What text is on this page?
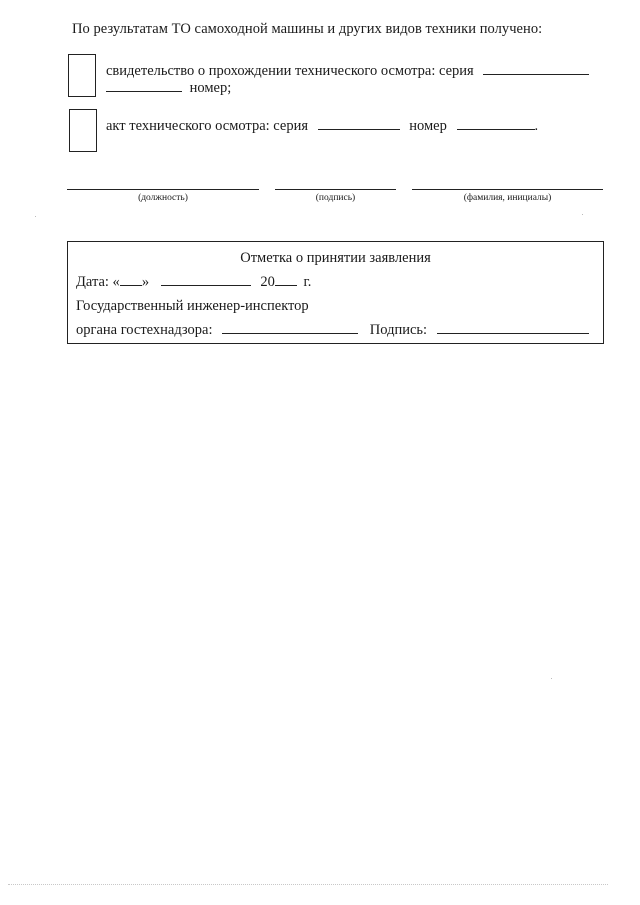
По результатам ТО самоходной машины и других видов техники получено:
свидетельство о прохождении технического осмотра: серия
номер;
акт технического осмотра: серия	номер	.
(должность)	(подпись)	(фамилия, инициалы)
Отметка о принятии заявления
Дата: « »	20 г.
Государственный инженер-инспектор
органа гостехнадзора:	Подпись:
